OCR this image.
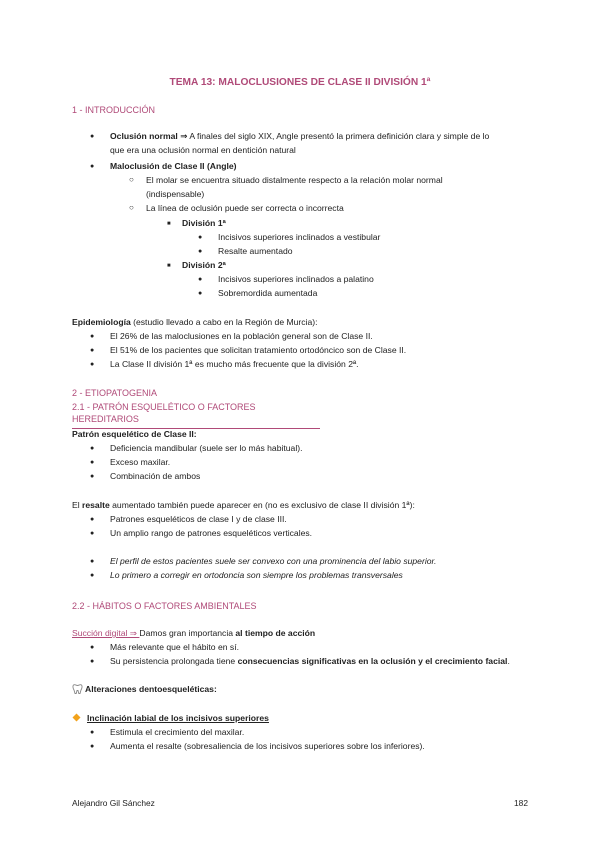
TEMA 13: MALOCLUSIONES DE CLASE II DIVISIÓN 1ª
1 - INTRODUCCIÓN
● Oclusión normal ⇒ A finales del siglo XIX, Angle presentó la primera definición clara y simple de lo
que era una oclusión normal en dentición natural
● Maloclusión de Clase II (Angle)
○ El molar se encuentra situado distalmente respecto a la relación molar normal
(indispensable)
○ La línea de oclusión puede ser correcta o incorrecta
■ División 1ª
● Incisivos superiores inclinados a vestibular
● Resalte aumentado
■ División 2ª
● Incisivos superiores inclinados a palatino
● Sobremordida aumentada
Epidemiología (estudio llevado a cabo en la Región de Murcia):
● El 26% de las maloclusiones en la población general son de Clase II.
● El 51% de los pacientes que solicitan tratamiento ortodóncico son de Clase II.
● La Clase II división 1ª es mucho más frecuente que la división 2ª.
2 - ETIOPATOGENIA
2.1 - PATRÓN ESQUELÉTICO O FACTORES HEREDITARIOS
Patrón esquelético de Clase II:
● Deficiencia mandibular (suele ser lo más habitual).
● Exceso maxilar.
● Combinación de ambos
El resalte aumentado también puede aparecer en (no es exclusivo de clase II división 1ª):
● Patrones esqueléticos de clase I y de clase III.
● Un amplio rango de patrones esqueléticos verticales.
● El perfil de estos pacientes suele ser convexo con una prominencia del labio superior.
● Lo primero a corregir en ortodoncia son siempre los problemas transversales
2.2 - HÁBITOS O FACTORES AMBIENTALES
Succión digital ⇒ Damos gran importancia al tiempo de acción
● Más relevante que el hábito en sí.
● Su persistencia prolongada tiene consecuencias significativas en la oclusión y el crecimiento facial.
Alteraciones dentoesqueléticas:
Inclinación labial de los incisivos superiores
● Estimula el crecimiento del maxilar.
● Aumenta el resalte (sobresaliencia de los incisivos superiores sobre los inferiores).
Alejandro Gil Sánchez	182
